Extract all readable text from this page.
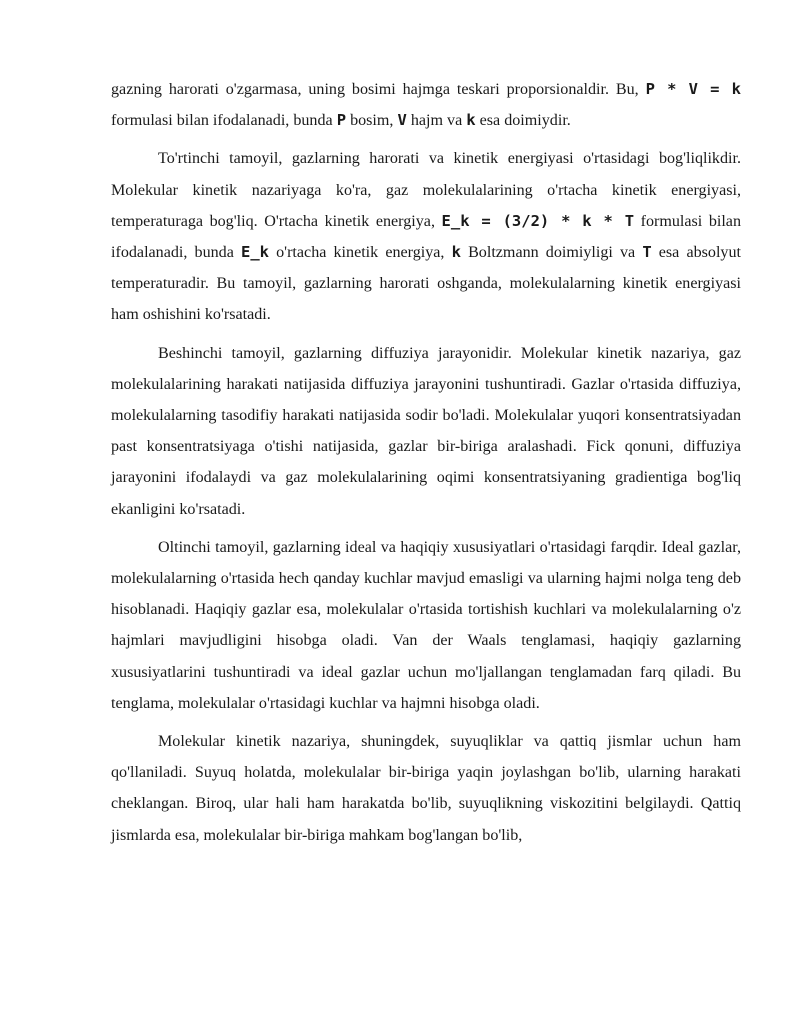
gazning harorati o'zgarmasa, uning bosimi hajmga teskari proporsionaldir. Bu, P * V = k formulasi bilan ifodalanadi, bunda P bosim, V hajm va k esa doimiydir.

To'rtinchi tamoyil, gazlarning harorati va kinetik energiyasi o'rtasidagi bog'liqlikdir. Molekular kinetik nazariyaga ko'ra, gaz molekulalarining o'rtacha kinetik energiyasi, temperaturaga bog'liq. O'rtacha kinetik energiya, E_k = (3/2) * k * T formulasi bilan ifodalanadi, bunda E_k o'rtacha kinetik energiya, k Boltzmann doimiyligi va T esa absolyut temperaturadir. Bu tamoyil, gazlarning harorati oshganda, molekulalarning kinetik energiyasi ham oshishini ko'rsatadi.

Beshinchi tamoyil, gazlarning diffuziya jarayonidir. Molekular kinetik nazariya, gaz molekulalarining harakati natijasida diffuziya jarayonini tushuntiradi. Gazlar o'rtasida diffuziya, molekulalarning tasodifiy harakati natijasida sodir bo'ladi. Molekulalar yuqori konsentratsiyadan past konsentratsiyaga o'tishi natijasida, gazlar bir-biriga aralashadi. Fick qonuni, diffuziya jarayonini ifodalaydi va gaz molekulalarining oqimi konsentratsiyaning gradientiga bog'liq ekanligini ko'rsatadi.

Oltinchi tamoyil, gazlarning ideal va haqiqiy xususiyatlari o'rtasidagi farqdir. Ideal gazlar, molekulalarning o'rtasida hech qanday kuchlar mavjud emasligi va ularning hajmi nolga teng deb hisoblanadi. Haqiqiy gazlar esa, molekulalar o'rtasida tortishish kuchlari va molekulalarning o'z hajmlari mavjudligini hisobga oladi. Van der Waals tenglamasi, haqiqiy gazlarning xususiyatlarini tushuntiradi va ideal gazlar uchun mo'ljallangan tenglamadan farq qiladi. Bu tenglama, molekulalar o'rtasidagi kuchlar va hajmni hisobga oladi.

Molekular kinetik nazariya, shuningdek, suyuqliklar va qattiq jismlar uchun ham qo'llaniladi. Suyuq holatda, molekulalar bir-biriga yaqin joylashgan bo'lib, ularning harakati cheklangan. Biroq, ular hali ham harakatda bo'lib, suyuqlikning viskozitini belgilaydi. Qattiq jismlarda esa, molekulalar bir-biriga mahkam bog'langan bo'lib,
